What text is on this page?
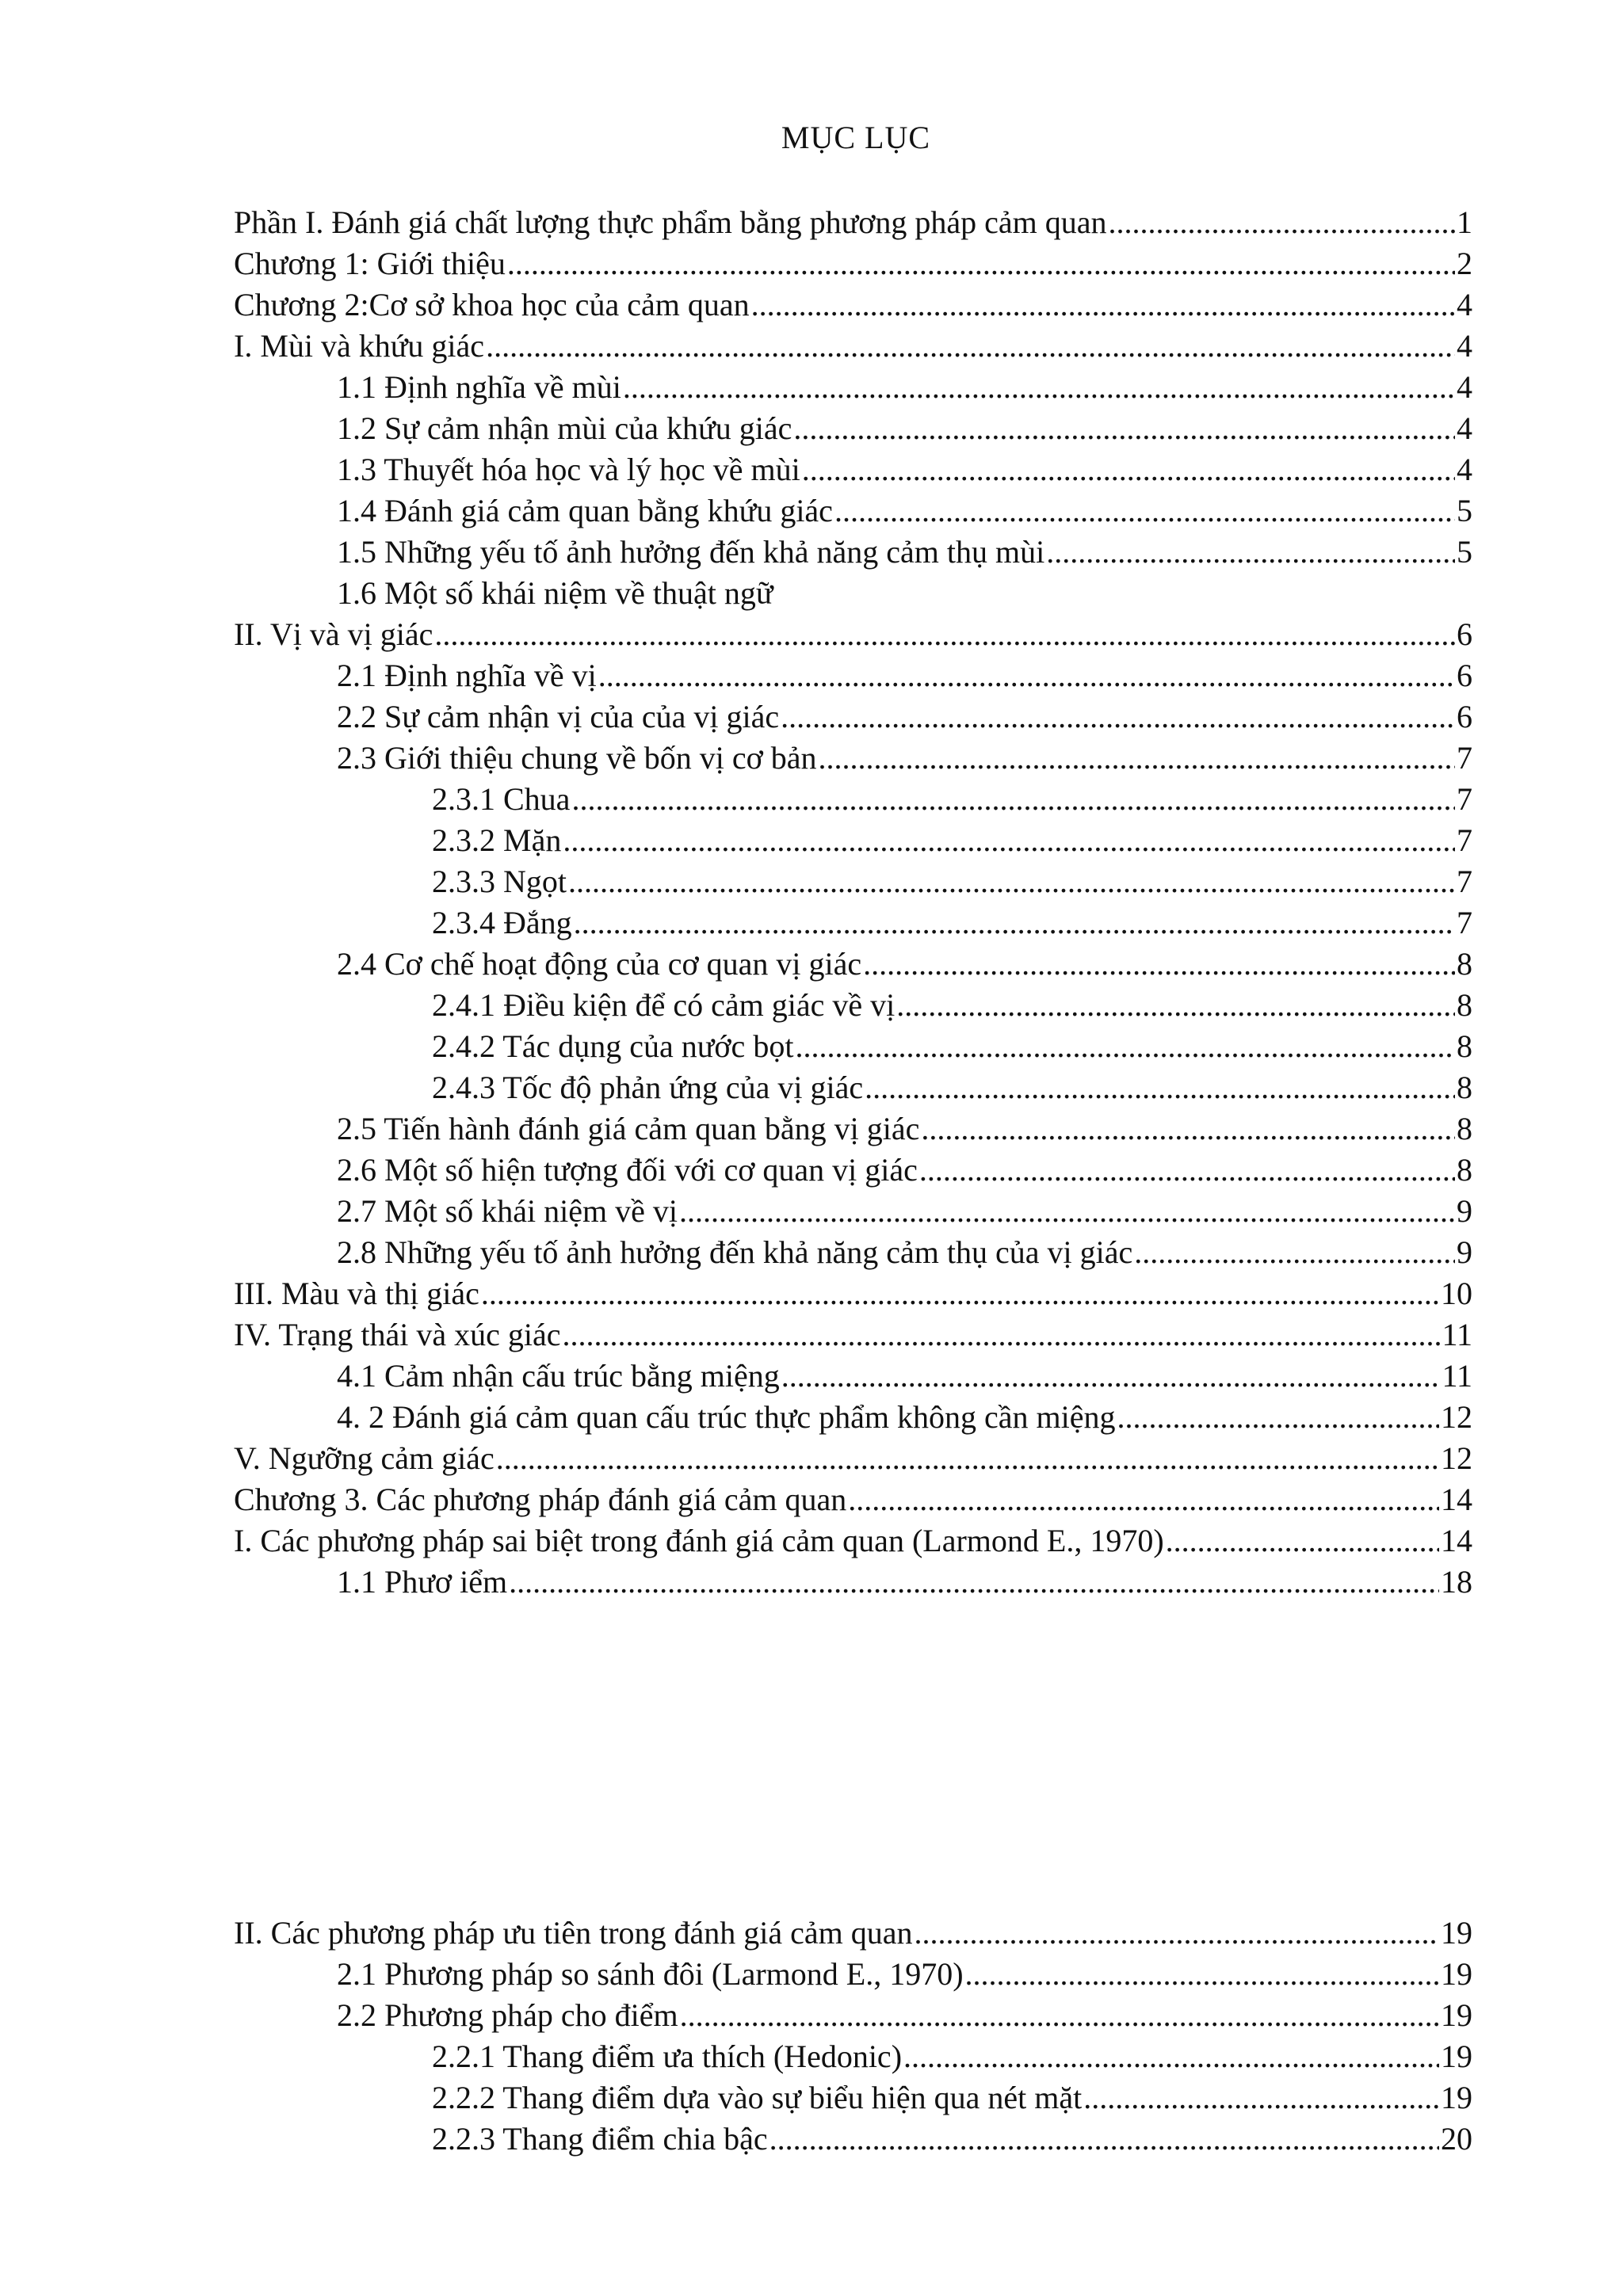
MỤC LỤC
Phần I. Đánh giá chất lượng thực phẩm bằng phương pháp cảm quan .....	1
Chương 1: Giới thiệu .....	2
Chương 2:Cơ sở khoa học của cảm quan .....	4
I. Mùi và khứu giác .....	4
1.1 Định nghĩa về mùi .....	4
1.2 Sự cảm nhận mùi của khứu giác .....	4
1.3 Thuyết hóa học và lý học về mùi .....	4
1.4 Đánh giá cảm quan bằng khứu giác .....	5
1.5 Những yếu tố ảnh hưởng đến khả năng cảm thụ mùi .....	5
1.6 Một số khái niệm về thuật ngữ
II. Vị và vị giác .....	6
2.1 Định nghĩa về vị .....	6
2.2 Sự cảm nhận vị của của vị giác .....	6
2.3 Giới thiệu chung về bốn vị cơ bản .....	7
2.3.1 Chua .....	7
2.3.2 Mặn .....	7
2.3.3 Ngọt .....	7
2.3.4 Đắng .....	7
2.4 Cơ chế hoạt động của cơ quan vị giác .....	8
2.4.1 Điều kiện để có cảm giác về vị .....	8
2.4.2 Tác dụng của nước bọt .....	8
2.4.3 Tốc độ phản ứng của vị giác .....	8
2.5 Tiến hành đánh giá cảm quan bằng vị giác .....	8
2.6 Một số hiện tượng đối với cơ quan vị giác .....	8
2.7 Một số khái niệm về vị .....	9
2.8 Những yếu tố ảnh hưởng đến khả năng cảm thụ của vị giác .....	9
III. Màu và thị giác .....	10
IV. Trạng thái và xúc giác .....	11
4.1 Cảm nhận cấu trúc bằng miệng .....	11
4. 2 Đánh giá cảm quan cấu trúc thực phẩm không cần miệng .....	12
V. Ngưỡng cảm giác .....	12
Chương 3. Các phương pháp đánh giá cảm quan .....	14
I. Các phương pháp sai biệt trong đánh giá cảm quan (Larmond E., 1970) .....	14
1.1 Phươ iểm .....	18
II. Các phương pháp ưu tiên trong đánh giá cảm quan .....	19
2.1 Phương pháp so sánh đôi (Larmond E., 1970) .....	19
2.2 Phương pháp cho điểm .....	19
2.2.1 Thang điểm ưa thích (Hedonic) .....	19
2.2.2 Thang điểm dựa vào sự biểu hiện qua nét mặt .....	19
2.2.3 Thang điểm chia bậc .....	20
